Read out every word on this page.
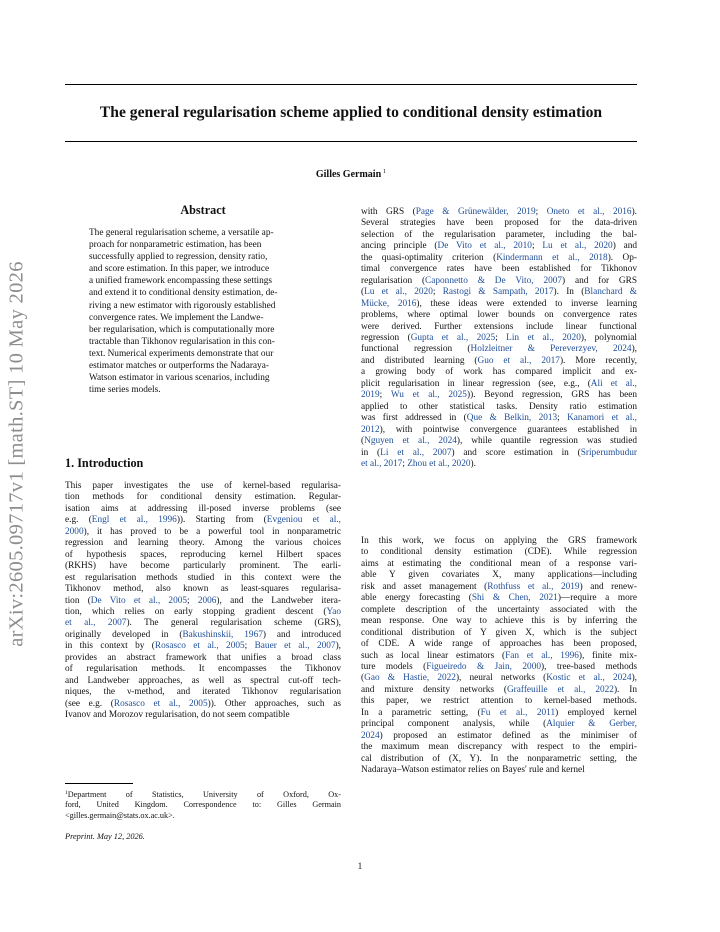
The general regularisation scheme applied to conditional density estimation
Gilles Germain $^1$
arXiv:2605.09717v1 [math.ST] 10 May 2026
Abstract
The general regularisation scheme, a versatile ap-
proach for nonparametric estimation, has been
successfully applied to regression, density ratio,
and score estimation. In this paper, we introduce
a unified framework encompassing these settings
and extend it to conditional density estimation, de-
riving a new estimator with rigorously established
convergence rates. We implement the Landwe-
ber regularisation, which is computationally more
tractable than Tikhonov regularisation in this con-
text. Numerical experiments demonstrate that our
estimator matches or outperforms the Nadaraya-
Watson estimator in various scenarios, including
time series models.
1. Introduction
This paper investigates the use of kernel-based regularisa-
tion methods for conditional density estimation. Regular-
isation aims at addressing ill-posed inverse problems (see
e.g. (Engl et al., 1996)). Starting from (Evgeniou et al.,
2000), it has proved to be a powerful tool in nonparametric
regression and learning theory. Among the various choices
of hypothesis spaces, reproducing kernel Hilbert spaces
(RKHS) have become particularly prominent. The earli-
est regularisation methods studied in this context were the
Tikhonov method, also known as least-squares regularisa-
tion (De Vito et al., 2005; 2006), and the Landweber itera-
tion, which relies on early stopping gradient descent (Yao
et al., 2007). The general regularisation scheme (GRS),
originally developed in (Bakushinskii, 1967) and introduced
in this context by (Rosasco et al., 2005; Bauer et al., 2007),
provides an abstract framework that unifies a broad class
of regularisation methods. It encompasses the Tikhonov
and Landweber approaches, as well as spectral cut-off tech-
niques, the ν-method, and iterated Tikhonov regularisation
(see e.g. (Rosasco et al., 2005)). Other approaches, such as
Ivanov and Morozov regularisation, do not seem compatible
with GRS (Page & Grünewälder, 2019; Oneto et al., 2016).
Several strategies have been proposed for the data-driven
selection of the regularisation parameter, including the bal-
ancing principle (De Vito et al., 2010; Lu et al., 2020) and
the quasi-optimality criterion (Kindermann et al., 2018). Op-
timal convergence rates have been established for Tikhonov
regularisation (Caponnetto & De Vito, 2007) and for GRS
(Lu et al., 2020; Rastogi & Sampath, 2017). In (Blanchard &
Mücke, 2016), these ideas were extended to inverse learning
problems, where optimal lower bounds on convergence rates
were derived. Further extensions include linear functional
regression (Gupta et al., 2025; Lin et al., 2020), polynomial
functional regression (Holzleitner & Pereverzyev, 2024),
and distributed learning (Guo et al., 2017). More recently,
a growing body of work has compared implicit and ex-
plicit regularisation in linear regression (see, e.g., (Ali et al.,
2019; Wu et al., 2025)). Beyond regression, GRS has been
applied to other statistical tasks. Density ratio estimation
was first addressed in (Que & Belkin, 2013; Kanamori et al.,
2012), with pointwise convergence guarantees established in
(Nguyen et al., 2024), while quantile regression was studied
in (Li et al., 2007) and score estimation in (Sriperumbudur
et al., 2017; Zhou et al., 2020).
In this work, we focus on applying the GRS framework
to conditional density estimation (CDE). While regression
aims at estimating the conditional mean of a response vari-
able Y given covariates X, many applications—including
risk and asset management (Rothfuss et al., 2019) and renew-
able energy forecasting (Shi & Chen, 2021)—require a more
complete description of the uncertainty associated with the
mean response. One way to achieve this is by inferring the
conditional distribution of Y given X, which is the subject
of CDE. A wide range of approaches has been proposed,
such as local linear estimators (Fan et al., 1996), finite mix-
ture models (Figueiredo & Jain, 2000), tree-based methods
(Gao & Hastie, 2022), neural networks (Kostic et al., 2024),
and mixture density networks (Graffeuille et al., 2022). In
this paper, we restrict attention to kernel-based methods.
In a parametric setting, (Fu et al., 2011) employed kernel
principal component analysis, while (Alquier & Gerber,
2024) proposed an estimator defined as the minimiser of
the maximum mean discrepancy with respect to the empiri-
cal distribution of (X, Y). In the nonparametric setting, the
Nadaraya–Watson estimator relies on Bayes' rule and kernel
$^1$Department of Statistics, University of Oxford, Ox-
ford, United Kingdom. Correspondence to: Gilles Germain
<gilles.germain@stats.ox.ac.uk>.
Preprint. May 12, 2026.
1
